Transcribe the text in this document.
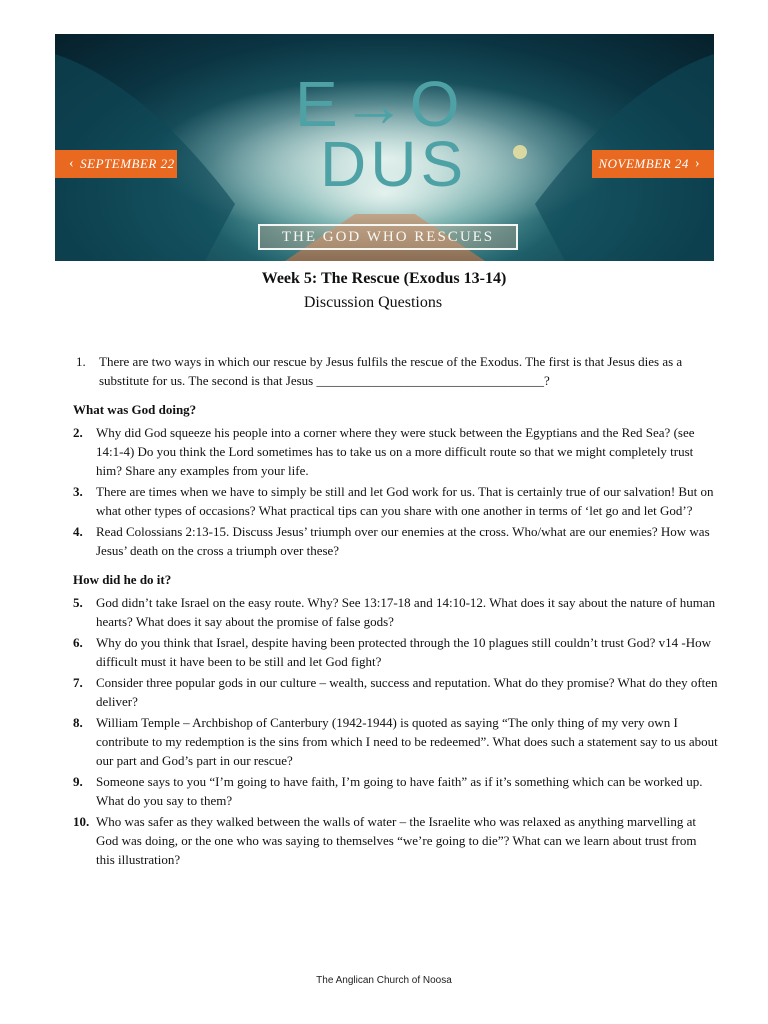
‹ SEPTEMBER 22	NOVEMBER 24 ›
E→O
DUS
THE GOD WHO RESCUES
Week 5: The Rescue (Exodus 13-14)
Discussion Questions
1. There are two ways in which our rescue by Jesus fulfils the rescue of the Exodus. The first is that Jesus dies as a substitute for us. The second is that Jesus ___________________________________?
What was God doing?
2. Why did God squeeze his people into a corner where they were stuck between the Egyptians and the Red Sea? (see 14:1-4) Do you think the Lord sometimes has to take us on a more difficult route so that we might completely trust him? Share any examples from your life.
3. There are times when we have to simply be still and let God work for us. That is certainly true of our salvation! But on what other types of occasions? What practical tips can you share with one another in terms of ‘let go and let God’?
4. Read Colossians 2:13-15. Discuss Jesus’ triumph over our enemies at the cross. Who/what are our enemies? How was Jesus’ death on the cross a triumph over these?
How did he do it?
5. God didn’t take Israel on the easy route. Why? See 13:17-18 and 14:10-12. What does it say about the nature of human hearts? What does it say about the promise of false gods?
6. Why do you think that Israel, despite having been protected through the 10 plagues still couldn’t trust God? v14 -How difficult must it have been to be still and let God fight?
7. Consider three popular gods in our culture – wealth, success and reputation. What do they promise? What do they often deliver?
8. William Temple – Archbishop of Canterbury (1942-1944) is quoted as saying “The only thing of my very own I contribute to my redemption is the sins from which I need to be redeemed”. What does such a statement say to us about our part and God’s part in our rescue?
9. Someone says to you “I’m going to have faith, I’m going to have faith” as if it’s something which can be worked up. What do you say to them?
10. Who was safer as they walked between the walls of water – the Israelite who was relaxed as anything marvelling at God was doing, or the one who was saying to themselves “we’re going to die”? What can we learn about trust from this illustration?
The Anglican Church of Noosa
